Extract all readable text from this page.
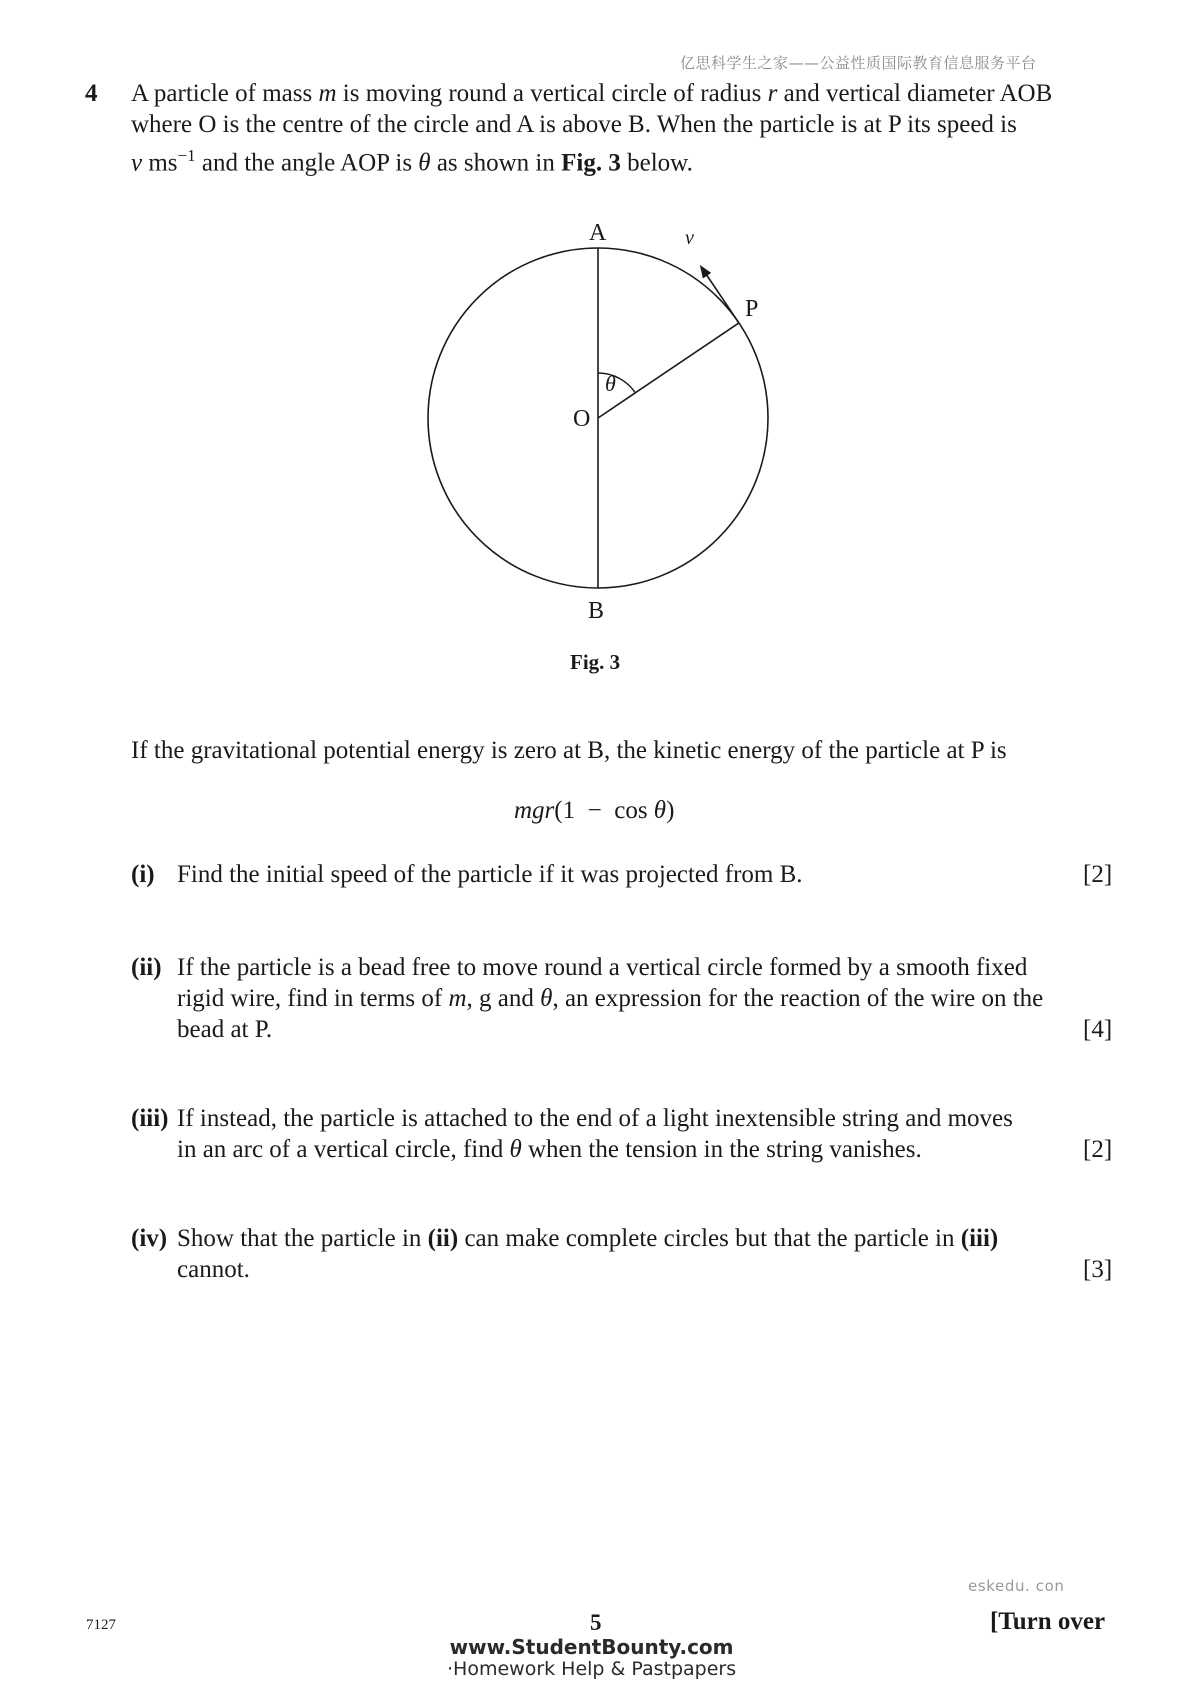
亿思科学生之家——公益性质国际教育信息服务平台
4 A particle of mass m is moving round a vertical circle of radius r and vertical diameter AOB
where O is the centre of the circle and A is above B. When the particle is at P its speed is
v $ms^{-1}$ and the angle AOP is θ as shown in Fig. 3 below.
A
B
O
P
θ
v
Fig. 3
If the gravitational potential energy is zero at B, the kinetic energy of the particle at P is
mgr(1  −  cos θ)
(i) Find the initial speed of the particle if it was projected from B.	[2]
(ii) If the particle is a bead free to move round a vertical circle formed by a smooth fixed
rigid wire, find in terms of m, g and θ, an expression for the reaction of the wire on the
bead at P.	[4]
(iii) If instead, the particle is attached to the end of a light inextensible string and moves
in an arc of a vertical circle, find θ when the tension in the string vanishes.	[2]
(iv) Show that the particle in (ii) can make complete circles but that the particle in (iii)
cannot.	[3]
eskedu. con
7127	5	[Turn over
www.StudentBounty.com
·Homework Help & Pastpapers
